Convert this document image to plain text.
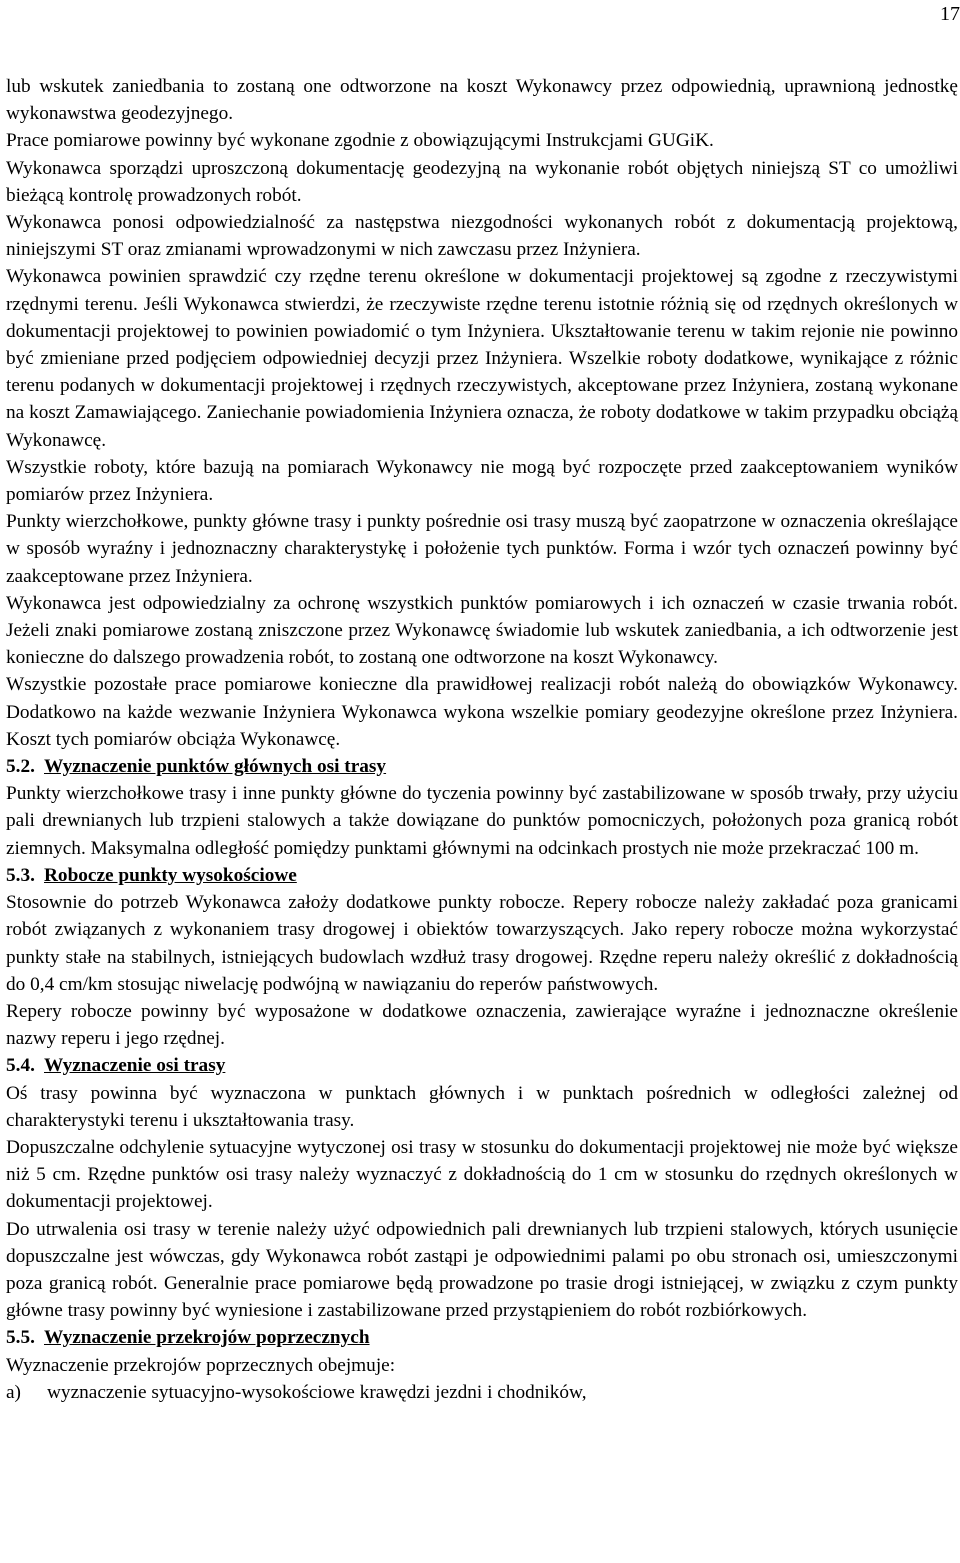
17

lub wskutek zaniedbania to zostaną one odtworzone na koszt Wykonawcy przez odpowiednią, uprawnioną jednostkę wykonawstwa geodezyjnego.

Prace pomiarowe powinny być wykonane zgodnie z obowiązującymi Instrukcjami GUGiK.

Wykonawca sporządzi uproszczoną dokumentację geodezyjną na wykonanie robót objętych niniejszą ST co umożliwi bieżącą kontrolę prowadzonych robót.

Wykonawca ponosi odpowiedzialność za następstwa niezgodności wykonanych robót z dokumentacją projektową, niniejszymi ST oraz zmianami wprowadzonymi w nich zawczasu przez Inżyniera.

Wykonawca powinien sprawdzić czy rzędne terenu określone w dokumentacji projektowej są zgodne z rzeczywistymi rzędnymi terenu. Jeśli Wykonawca stwierdzi, że rzeczywiste rzędne terenu istotnie różnią się od rzędnych określonych w dokumentacji projektowej to powinien powiadomić o tym Inżyniera. Ukształtowanie terenu w takim rejonie nie powinno być zmieniane przed podjęciem odpowiedniej decyzji przez Inżyniera. Wszelkie roboty dodatkowe, wynikające z różnic terenu podanych w dokumentacji projektowej i rzędnych rzeczywistych, akceptowane przez Inżyniera, zostaną wykonane na koszt Zamawiającego. Zaniechanie powiadomienia Inżyniera oznacza, że roboty dodatkowe w takim przypadku obciążą Wykonawcę.

Wszystkie roboty, które bazują na pomiarach Wykonawcy nie mogą być rozpoczęte przed zaakceptowaniem wyników pomiarów przez Inżyniera.

Punkty wierzchołkowe, punkty główne trasy i punkty pośrednie osi trasy muszą być zaopatrzone w oznaczenia określające w sposób wyraźny i jednoznaczny charakterystykę i położenie tych punktów. Forma i wzór tych oznaczeń powinny być zaakceptowane przez Inżyniera.

Wykonawca jest odpowiedzialny za ochronę wszystkich punktów pomiarowych i ich oznaczeń w czasie trwania robót. Jeżeli znaki pomiarowe zostaną zniszczone przez Wykonawcę świadomie lub wskutek zaniedbania, a ich odtworzenie jest konieczne do dalszego prowadzenia robót, to zostaną one odtworzone na koszt Wykonawcy.

Wszystkie pozostałe prace pomiarowe konieczne dla prawidłowej realizacji robót należą do obowiązków Wykonawcy. Dodatkowo na każde wezwanie Inżyniera Wykonawca wykona wszelkie pomiary geodezyjne określone przez Inżyniera. Koszt tych pomiarów obciąża Wykonawcę.

5.2. Wyznaczenie punktów głównych osi trasy

Punkty wierzchołkowe trasy i inne punkty główne do tyczenia powinny być zastabilizowane w sposób trwały, przy użyciu pali drewnianych lub trzpieni stalowych a także dowiązane do punktów pomocniczych, położonych poza granicą robót ziemnych. Maksymalna odległość pomiędzy punktami głównymi na odcinkach prostych nie może przekraczać 100 m.

5.3. Robocze punkty wysokościowe

Stosownie do potrzeb Wykonawca założy dodatkowe punkty robocze. Repery robocze należy zakładać poza granicami robót związanych z wykonaniem trasy drogowej i obiektów towarzyszących. Jako repery robocze można wykorzystać punkty stałe na stabilnych, istniejących budowlach wzdłuż trasy drogowej. Rzędne reperu należy określić z dokładnością do 0,4 cm/km stosując niwelację podwójną w nawiązaniu do reperów państwowych.

Repery robocze powinny być wyposażone w dodatkowe oznaczenia, zawierające wyraźne i jednoznaczne określenie nazwy reperu i jego rzędnej.

5.4. Wyznaczenie osi trasy

Oś trasy powinna być wyznaczona w punktach głównych i w punktach pośrednich w odległości zależnej od charakterystyki terenu i ukształtowania trasy.

Dopuszczalne odchylenie sytuacyjne wytyczonej osi trasy w stosunku do dokumentacji projektowej nie może być większe niż 5 cm. Rzędne punktów osi trasy należy wyznaczyć z dokładnością do 1 cm w stosunku do rzędnych określonych w dokumentacji projektowej.

Do utrwalenia osi trasy w terenie należy użyć odpowiednich pali drewnianych lub trzpieni stalowych, których usunięcie dopuszczalne jest wówczas, gdy Wykonawca robót zastąpi je odpowiednimi palami po obu stronach osi, umieszczonymi poza granicą robót. Generalnie prace pomiarowe będą prowadzone po trasie drogi istniejącej, w związku z czym punkty główne trasy powinny być wyniesione i zastabilizowane przed przystąpieniem do robót rozbiórkowych.

5.5. Wyznaczenie przekrojów poprzecznych

Wyznaczenie przekrojów poprzecznych obejmuje:

a) wyznaczenie sytuacyjno-wysokościowe krawędzi jezdni i chodników,
